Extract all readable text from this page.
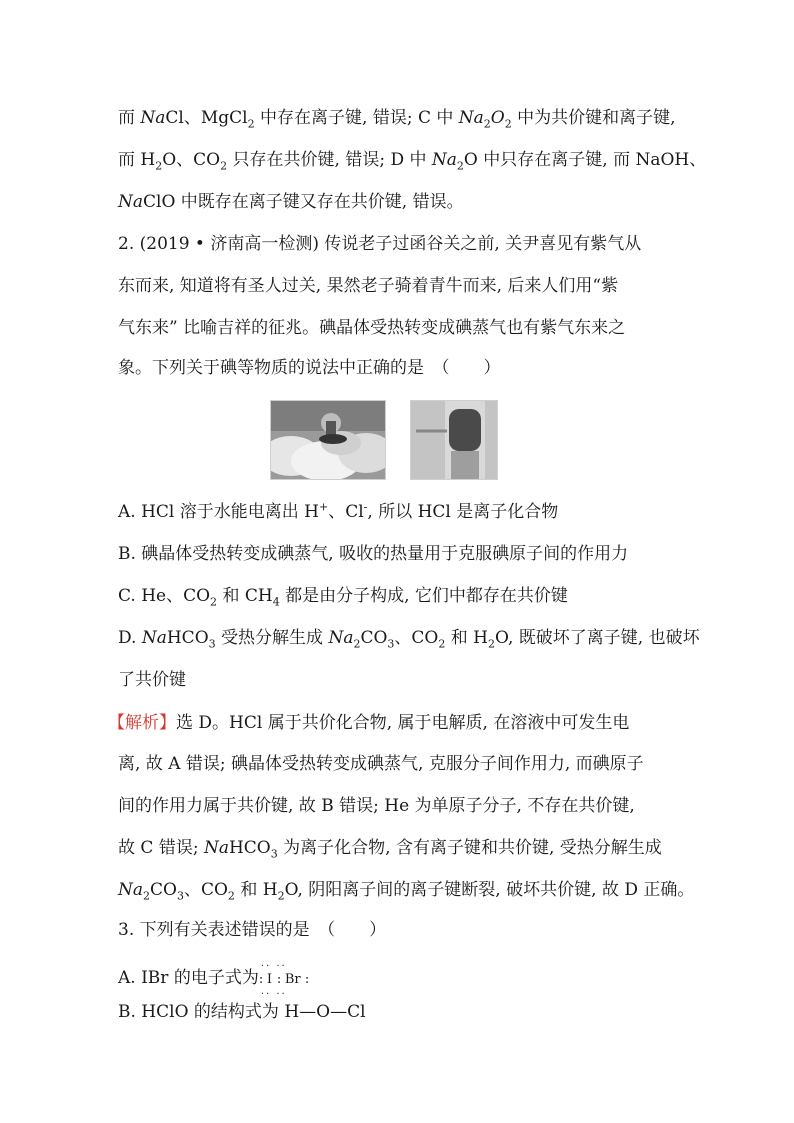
而 NaCl、MgCl$_2$ 中存在离子键, 错误; C 中 $Na_2O_2$ 中为共价键和离子键,
而 $H_2O$、$CO_2$ 只存在共价键, 错误; D 中 $Na_2O$ 中只存在离子键, 而 NaOH、
NaClO 中既存在离子键又存在共价键, 错误。
2. (2019 • 济南高一检测) 传说老子过函谷关之前, 关尹喜见有紫气从
东而来, 知道将有圣人过关, 果然老子骑着青牛而来, 后来人们用“紫
气东来” 比喻吉祥的征兆。碘晶体受热转变成碘蒸气也有紫气东来之
象。下列关于碘等物质的说法中正确的是　（　　）
A. HCl 溶于水能电离出 H+、Cl-, 所以 HCl 是离子化合物
B. 碘晶体受热转变成碘蒸气, 吸收的热量用于克服碘原子间的作用力
C. He、$CO_2$ 和 $CH_4$ 都是由分子构成, 它们中都存在共价键
D. NaHCO$_3$ 受热分解生成 $Na_2CO_3$、$CO_2$ 和 $H_2O$, 既破坏了离子键, 也破坏
了共价键
【解析】选 D。HCl 属于共价化合物, 属于电解质, 在溶液中可发生电
离, 故 A 错误; 碘晶体受热转变成碘蒸气, 克服分子间作用力, 而碘原子
间的作用力属于共价键, 故 B 错误; He 为单原子分子, 不存在共价键,
故 C 错误; NaHCO$_3$ 为离子化合物, 含有离子键和共价键, 受热分解生成
$Na_2CO_3$、$CO_2$ 和 $H_2O$, 阴阳离子间的离子键断裂, 破坏共价键, 故 D 正确。
3. 下列有关表述错误的是　（　　）
A. IBr 的电子式为
.. ..
: I : Br :
.. ..
B. HClO 的结构式为 H—O—Cl
